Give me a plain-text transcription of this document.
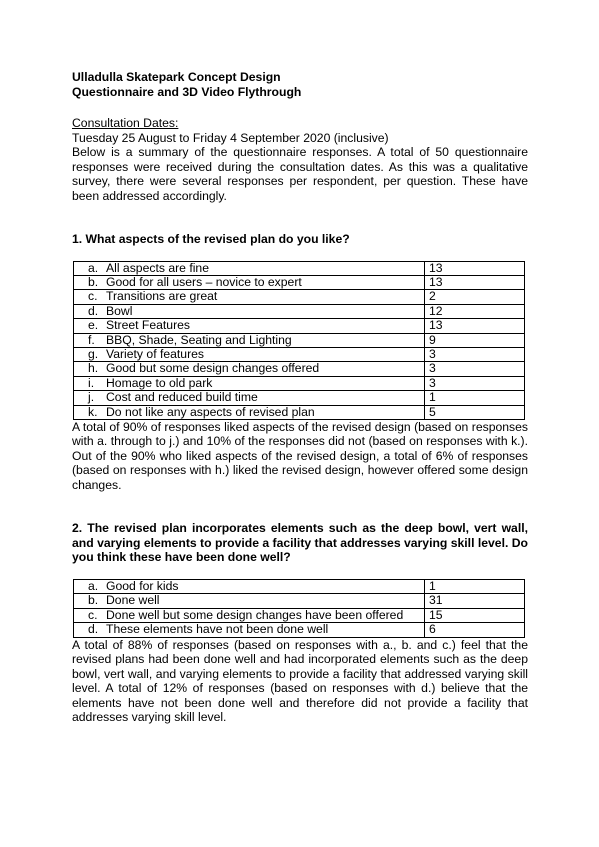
Ulladulla Skatepark Concept Design

Questionnaire and 3D Video Flythrough

Consultation Dates:
Tuesday 25 August to Friday 4 September 2020 (inclusive)

Below is a summary of the questionnaire responses. A total of 50 questionnaire responses were received during the consultation dates. As this was a qualitative survey, there were several responses per respondent, per question. These have been addressed accordingly.

1. What aspects of the revised plan do you like?

a. All aspects are fine	13
b. Good for all users – novice to expert	13
c. Transitions are great	2
d. Bowl	12
e. Street Features	13
f. BBQ, Shade, Seating and Lighting	9
g. Variety of features	3
h. Good but some design changes offered	3
i. Homage to old park	3
j. Cost and reduced build time	1
k. Do not like any aspects of revised plan	5

A total of 90% of responses liked aspects of the revised design (based on responses with a. through to j.) and 10% of the responses did not (based on responses with k.). Out of the 90% who liked aspects of the revised design, a total of 6% of responses (based on responses with h.) liked the revised design, however offered some design changes.

2. The revised plan incorporates elements such as the deep bowl, vert wall, and varying elements to provide a facility that addresses varying skill level. Do you think these have been done well?

a. Good for kids	1
b. Done well	31
c. Done well but some design changes have been offered	15
d. These elements have not been done well	6

A total of 88% of responses (based on responses with a., b. and c.) feel that the revised plans had been done well and had incorporated elements such as the deep bowl, vert wall, and varying elements to provide a facility that addressed varying skill level. A total of 12% of responses (based on responses with d.) believe that the elements have not been done well and therefore did not provide a facility that addresses varying skill level.
